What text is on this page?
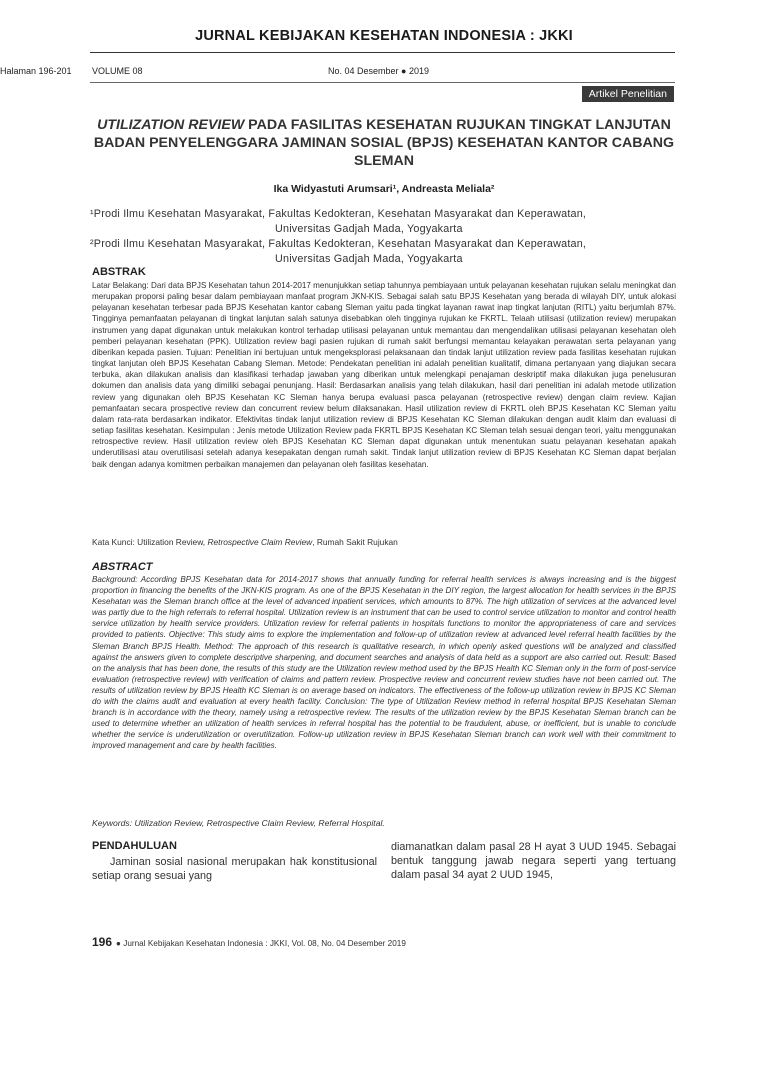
JURNAL KEBIJAKAN KESEHATAN INDONESIA : JKKI
VOLUME 08	No. 04 Desember ● 2019
Halaman 196-201
Artikel Penelitian
UTILIZATION REVIEW PADA FASILITAS KESEHATAN RUJUKAN TINGKAT LANJUTAN BADAN PENYELENGGARA JAMINAN SOSIAL (BPJS) KESEHATAN KANTOR CABANG SLEMAN
Ika Widyastuti Arumsari¹, Andreasta Meliala²
¹Prodi Ilmu Kesehatan Masyarakat, Fakultas Kedokteran, Kesehatan Masyarakat dan Keperawatan,
Universitas Gadjah Mada, Yogyakarta
²Prodi Ilmu Kesehatan Masyarakat, Fakultas Kedokteran, Kesehatan Masyarakat dan Keperawatan,
Universitas Gadjah Mada, Yogyakarta
ABSTRAK
Latar Belakang: Dari data BPJS Kesehatan tahun 2014-2017 menunjukkan setiap tahunnya pembiayaan untuk pelayanan kesehatan rujukan selalu meningkat dan merupakan proporsi paling besar dalam pembiayaan manfaat program JKN-KIS. Sebagai salah satu BPJS Kesehatan yang berada di wilayah DIY, untuk alokasi pelayanan kesehatan terbesar pada BPJS Kesehatan kantor cabang Sleman yaitu pada tingkat layanan rawat inap tingkat lanjutan (RITL) yaitu berjumlah 87%. Tingginya pemanfaatan pelayanan di tingkat lanjutan salah satunya disebabkan oleh tingginya rujukan ke FKRTL. Telaah utilisasi (utilization review) merupakan instrumen yang dapat digunakan untuk melakukan kontrol terhadap utilisasi pelayanan untuk memantau dan mengendalikan utilisasi pelayanan kesehatan oleh pemberi pelayanan kesehatan (PPK). Utilization review bagi pasien rujukan di rumah sakit berfungsi memantau kelayakan perawatan serta pelayanan yang diberikan kepada pasien. Tujuan: Penelitian ini bertujuan untuk mengeksplorasi pelaksanaan dan tindak lanjut utilization review pada fasilitas kesehatan rujukan tingkat lanjutan oleh BPJS Kesehatan Cabang Sleman. Metode: Pendekatan penelitian ini adalah penelitian kualitatif, dimana pertanyaan yang diajukan secara terbuka, akan dilakukan analisis dan klasifikasi terhadap jawaban yang diberikan untuk melengkapi penajaman deskriptif maka dilakukan juga penelusuran dokumen dan analisis data yang dimiliki sebagai penunjang. Hasil: Berdasarkan analisis yang telah dilakukan, hasil dari penelitian ini adalah metode utilization review yang digunakan oleh BPJS Kesehatan KC Sleman hanya berupa evaluasi pasca pelayanan (retrospective review) dengan claim review. Kajian pemanfaatan secara prospective review dan concurrent review belum dilaksanakan. Hasil utilization review di FKRTL oleh BPJS Kesehatan KC Sleman yaitu dalam rata-rata berdasarkan indikator. Efektivitas tindak lanjut utilization review di BPJS Kesehatan KC Sleman dilakukan dengan audit klaim dan evaluasi di setiap fasilitas kesehatan. Kesimpulan : Jenis metode Utilization Review pada FKRTL BPJS Kesehatan KC Sleman telah sesuai dengan teori, yaitu menggunakan retrospective review. Hasil utilization review oleh BPJS Kesehatan KC Sleman dapat digunakan untuk menentukan suatu pelayanan kesehatan apakah underutilisasi atau overutilisasi setelah adanya kesepakatan dengan rumah sakit. Tindak lanjut utilization review di BPJS Kesehatan KC Sleman dapat berjalan baik dengan adanya komitmen perbaikan manajemen dan pelayanan oleh fasilitas kesehatan.
Kata Kunci: Utilization Review, Retrospective Claim Review, Rumah Sakit Rujukan
ABSTRACT
Background: According BPJS Kesehatan data for 2014-2017 shows that annually funding for referral health services is always increasing and is the biggest proportion in financing the benefits of the JKN-KIS program. As one of the BPJS Kesehatan in the DIY region, the largest allocation for health services in the BPJS Kesehatan was the Sleman branch office at the level of advanced inpatient services, which amounts to 87%. The high utilization of services at the advanced level was partly due to the high referrals to referral hospital. Utilization review is an instrument that can be used to control service utilization to monitor and control health service utilization by health service providers. Utilization review for referral patients in hospitals functions to monitor the appropriateness of care and services provided to patients. Objective: This study aims to explore the implementation and follow-up of utilization review at advanced level referral health facilities by the Sleman Branch BPJS Health. Method: The approach of this research is qualitative research, in which openly asked questions will be analyzed and classified against the answers given to complete descriptive sharpening, and document searches and analysis of data held as a support are also carried out. Result: Based on the analysis that has been done, the results of this study are the Utilization review method used by the BPJS Health KC Sleman only in the form of post-service evaluation (retrospective review) with verification of claims and pattern review. Prospective review and concurrent review studies have not been carried out. The results of utilization review by BPJS Health KC Sleman is on average based on indicators. The effectiveness of the follow-up utilization review in BPJS KC Sleman do with the claims audit and evaluation at every health facility. Conclusion: The type of Utilization Review method in referral hospital BPJS Kesehatan Sleman branch is in accordance with the theory, namely using a retrospective review. The results of the utilization review by the BPJS Kesehatan Sleman branch can be used to determine whether an utilization of health services in referral hospital has the potential to be fraudulent, abuse, or inefficient, but is unable to conclude whether the service is underutilization or overutilization. Follow-up utilization review in BPJS Kesehatan Sleman branch can work well with their commitment to improved management and care by health facilities.
Keywords: Utilization Review, Retrospective Claim Review, Referral Hospital.
PENDAHULUAN
Jaminan sosial nasional merupakan hak konstitusional setiap orang sesuai yang
diamanatkan dalam pasal 28 H ayat 3 UUD 1945. Sebagai bentuk tanggung jawab negara seperti yang tertuang dalam pasal 34 ayat 2 UUD 1945,
196 ● Jurnal Kebijakan Kesehatan Indonesia : JKKI, Vol. 08, No. 04 Desember 2019
